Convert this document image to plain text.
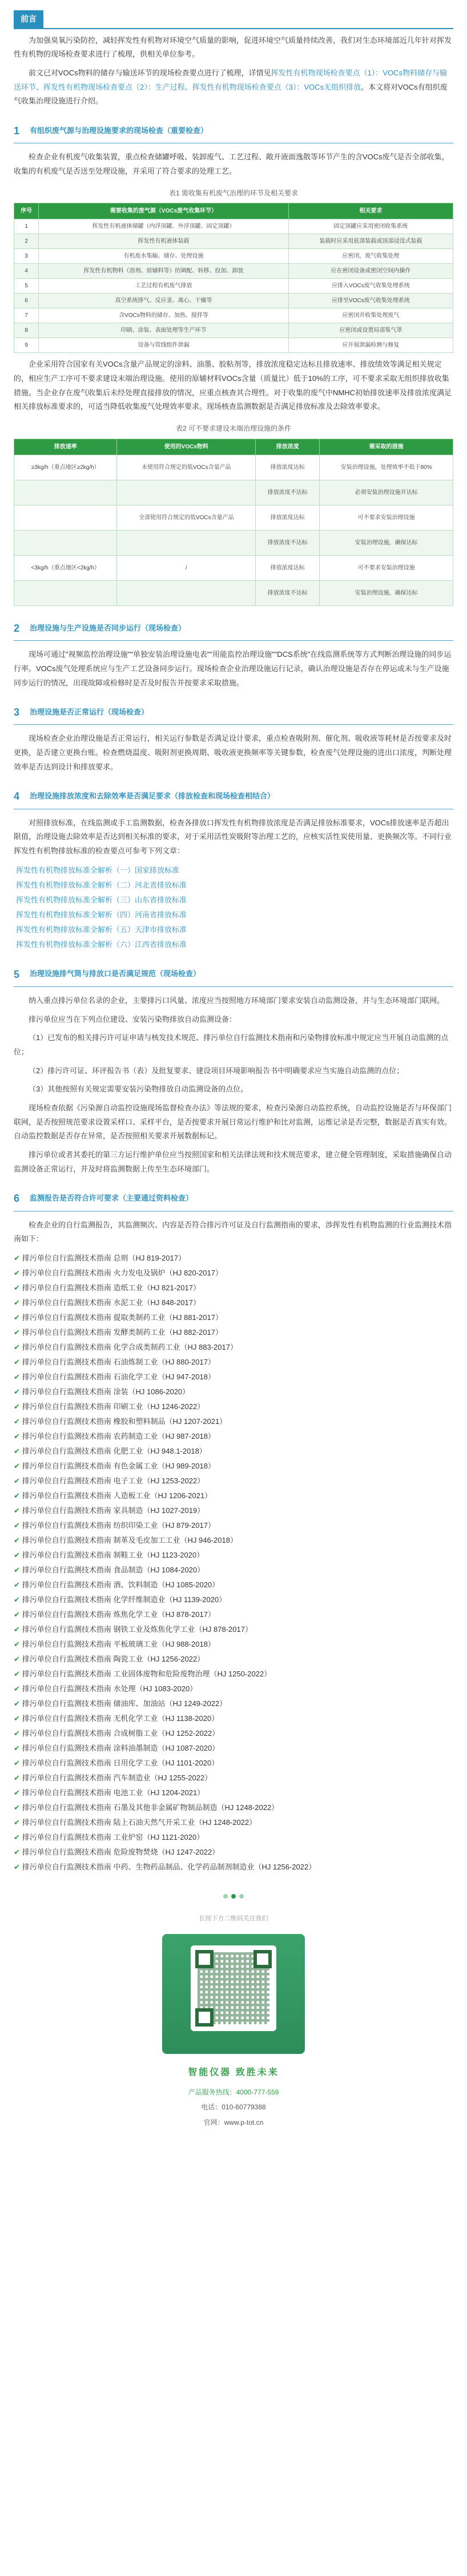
前言

为加强臭氧污染防控，减轻挥发性有机物对环境空气质量的影响，促进环境空气质量持续改善，我们对生态环境部近几年针对挥发性有机物的现场检查要求进行了梳理，供相关单位参考。

前文已对VOCs物料的储存与输送环节的现场检查要点进行了梳理，详情见挥发性有机物现场检查要点（1）：VOCs物料储存与输送环节、挥发性有机物现场检查要点（2）：生产过程、挥发性有机物现场检查要点（3）：VOCs无组织排放。本文将对VOCs有组织废气收集治理设施进行介绍。

1	有组织废气源与治理设施要求的现场检查（重要检查）

检查企业有机废气收集装置，重点检查储罐呼吸、装卸废气、工艺过程、敞开液面逸散等环节产生的含VOCs废气是否全部收集，收集的有机废气是否送至处理设施，并采用了符合要求的处理工艺。

表1 需收集有机废气治理的环节及相关要求
序号	需要收集的废气源（VOCs废气收集环节）	相关要求
1	挥发性有机液体储罐（内浮顶罐、外浮顶罐、固定顶罐）	固定顶罐应采用密闭收集系统
2	挥发性有机液体装载	装载时应采用底部装载或顶部浸没式装载
3	有机废水集输、储存、处理设施	应密闭，废气收集处理
4	挥发性有机物料（溶剂、原辅料等）的调配、转移、投加、卸放	应在密闭设备或密闭空间内操作
5	工艺过程有机废气排放	应排入VOCs废气收集处理系统
6	真空系统排气、反应釜、离心、干燥等	应排至VOCs废气收集处理系统
7	含VOCs物料的储存、加热、搅拌等	应密闭并收集处理废气
8	印刷、涂装、表面处理等生产环节	应密闭或设置局部集气罩
9	设备与管线组件泄漏	应开展泄漏检测与修复

企业采用符合国家有关VOCs含量产品规定的涂料、油墨、胶粘剂等，排放浓度稳定达标且排放速率、排放绩效等满足相关规定的，相应生产工序可不要求建设末端治理设施。使用的原辅材料VOCs含量（质量比）低于10%的工序，可不要求采取无组织排放收集措施。当企业存在废气收集后未经处理直接排放的情况，应重点核查其合理性。对于收集的废气中NMHC初始排放速率及排放浓度满足相关排放标准要求的，可适当降低收集废气处理效率要求。现场核查监测数据是否满足排放标准及去除效率要求。

表2 可不要求建设末端治理设施的条件
排放速率	使用的VOCs物料	排放浓度	需采取的措施
≥3kg/h（重点地区≥2kg/h）	未使用符合规定的低VOCs含量产品	排放浓度达标	安装治理设施，处理效率不低于80%
		排放浓度不达标	必须安装治理设施并达标
	全部使用符合规定的低VOCs含量产品	排放浓度达标	可不要求安装治理设施
		排放浓度不达标	安装治理设施，确保达标
<3kg/h（重点地区<2kg/h）	/	排放浓度达标	可不要求安装治理设施
		排放浓度不达标	安装治理设施，确保达标
2	治理设施与生产设施是否同步运行（现场检查）

现场可通过"视频监控治理设施""单独安装治理设施电表""用能监控治理设施""DCS系统"在线监测系统等方式判断治理设施的同步运行率。VOCs废气处理系统应与生产工艺设备同步运行。现场检查企业治理设施运行记录，确认治理设施是否存在停运或未与生产设施同步运行的情况，出现故障或检修时是否及时报告并按要求采取措施。

3	治理设施是否正常运行（现场检查）

现场检查企业治理设施是否正常运行，相关运行参数是否满足设计要求，重点检查吸附剂、催化剂、吸收液等耗材是否按要求及时更换，是否建立更换台账。检查燃烧温度、吸附剂更换周期、吸收液更换频率等关键参数，检查废气处理设施的进出口浓度，判断处理效率是否达到设计和排放要求。

4	治理设施排放浓度和去除效率是否满足要求（排放检查和现场检查相结合）

对照排放标准，在线监测或手工监测数据，检查各排放口挥发性有机物排放浓度是否满足排放标准要求，VOCs排放速率是否超出限值，治理设施去除效率是否达到相关标准的要求，对于采用活性炭吸附等治理工艺的，应核实活性炭使用量、更换频次等。不同行业挥发性有机物排放标准的检查要点可参考下列文章：

挥发性有机物排放标准全解析（一）国家排放标准
挥发性有机物排放标准全解析（二）河北省排放标准
挥发性有机物排放标准全解析（三）山东省排放标准
挥发性有机物排放标准全解析（四）河南省排放标准
挥发性有机物排放标准全解析（五）天津市排放标准
挥发性有机物排放标准全解析（六）江西省排放标准
5	治理设施排气筒与排放口是否满足规范（现场检查）

纳入重点排污单位名录的企业，主要排污口风量、浓度应当按照地方环境部门要求安装自动监测设备，并与生态环境部门联网。

排污单位应当在下列点位建设、安装污染物排放自动监测设备：

（1）已发布的相关排污许可证申请与核发技术规范、排污单位自行监测技术指南和污染物排放标准中规定应当开展自动监测的点位；

（2）排污许可证、环评报告书（表）及批复要求、建设项目环境影响报告书中明确要求应当实施自动监测的点位；

（3）其他按照有关规定需要安装污染物排放自动监测设备的点位。

现场检查依据《污染源自动监控设施现场监督检查办法》等法规的要求，检查污染源自动监控系统，自动监控设施是否与环保部门联网，是否按照规范要求设置采样口、采样平台，是否按要求开展日常运行维护和比对监测，运维记录是否完整，数据是否真实有效。自动监控数据是否存在异常，是否按照相关要求开展数据标记。

排污单位或者其委托的第三方运行维护单位应当按照国家和相关法律法规和技术规范要求，建立健全管理制度，采取措施确保自动监测设备正常运行，并及时将监测数据上传至生态环境部门。

6	监测报告是否符合许可要求（主要通过资料检查）

检查企业的自行监测报告，其监测频次、内容是否符合排污许可证及自行监测指南的要求，涉挥发性有机物监测的行业监测技术指南如下：

✔ 排污单位自行监测技术指南 总则（HJ 819-2017）
✔ 排污单位自行监测技术指南 火力发电及锅炉（HJ 820-2017）
✔ 排污单位自行监测技术指南 造纸工业（HJ 821-2017）
✔ 排污单位自行监测技术指南 水泥工业（HJ 848-2017）
✔ 排污单位自行监测技术指南 提取类制药工业（HJ 881-2017）
✔ 排污单位自行监测技术指南 发酵类制药工业（HJ 882-2017）
✔ 排污单位自行监测技术指南 化学合成类制药工业（HJ 883-2017）
✔ 排污单位自行监测技术指南 石油炼制工业（HJ 880-2017）
✔ 排污单位自行监测技术指南 石油化学工业（HJ 947-2018）
✔ 排污单位自行监测技术指南 涂装（HJ 1086-2020）
✔ 排污单位自行监测技术指南 印刷工业（HJ 1246-2022）
✔ 排污单位自行监测技术指南 橡胶和塑料制品（HJ 1207-2021）
✔ 排污单位自行监测技术指南 农药制造工业（HJ 987-2018）
✔ 排污单位自行监测技术指南 化肥工业（HJ 948.1-2018）
✔ 排污单位自行监测技术指南 有色金属工业（HJ 989-2018）
✔ 排污单位自行监测技术指南 电子工业（HJ 1253-2022）
✔ 排污单位自行监测技术指南 人造板工业（HJ 1206-2021）
✔ 排污单位自行监测技术指南 家具制造（HJ 1027-2019）
✔ 排污单位自行监测技术指南 纺织印染工业（HJ 879-2017）
✔ 排污单位自行监测技术指南 制革及毛皮加工工业（HJ 946-2018）
✔ 排污单位自行监测技术指南 制鞋工业（HJ 1123-2020）
✔ 排污单位自行监测技术指南 食品制造（HJ 1084-2020）
✔ 排污单位自行监测技术指南 酒、饮料制造（HJ 1085-2020）
✔ 排污单位自行监测技术指南 化学纤维制造业（HJ 1139-2020）
✔ 排污单位自行监测技术指南 炼焦化学工业（HJ 878-2017）
✔ 排污单位自行监测技术指南 钢铁工业及炼焦化学工业（HJ 878-2017）
✔ 排污单位自行监测技术指南 平板玻璃工业（HJ 988-2018）
✔ 排污单位自行监测技术指南 陶瓷工业（HJ 1256-2022）
✔ 排污单位自行监测技术指南 工业固体废物和危险废物治理（HJ 1250-2022）
✔ 排污单位自行监测技术指南 水处理（HJ 1083-2020）
✔ 排污单位自行监测技术指南 储油库、加油站（HJ 1249-2022）
✔ 排污单位自行监测技术指南 无机化学工业（HJ 1138-2020）
✔ 排污单位自行监测技术指南 合成树脂工业（HJ 1252-2022）
✔ 排污单位自行监测技术指南 涂料油墨制造（HJ 1087-2020）
✔ 排污单位自行监测技术指南 日用化学工业（HJ 1101-2020）
✔ 排污单位自行监测技术指南 汽车制造业（HJ 1255-2022）
✔ 排污单位自行监测技术指南 电池工业（HJ 1204-2021）
✔ 排污单位自行监测技术指南 石墨及其他非金属矿物制品制造（HJ 1248-2022）
✔ 排污单位自行监测技术指南 陆上石油天然气开采工业（HJ 1248-2022）
✔ 排污单位自行监测技术指南 工业炉窑（HJ 1121-2020）
✔ 排污单位自行监测技术指南 危险废物焚烧（HJ 1247-2022）
✔ 排污单位自行监测技术指南 中药、生物药品制品、化学药品制剂制造业（HJ 1256-2022）
长按下方二维码关注我们
智能仪器 致胜未来
产品服务热线：4000-777-559
电话：010-60779388
官网：www.p-tot.cn
